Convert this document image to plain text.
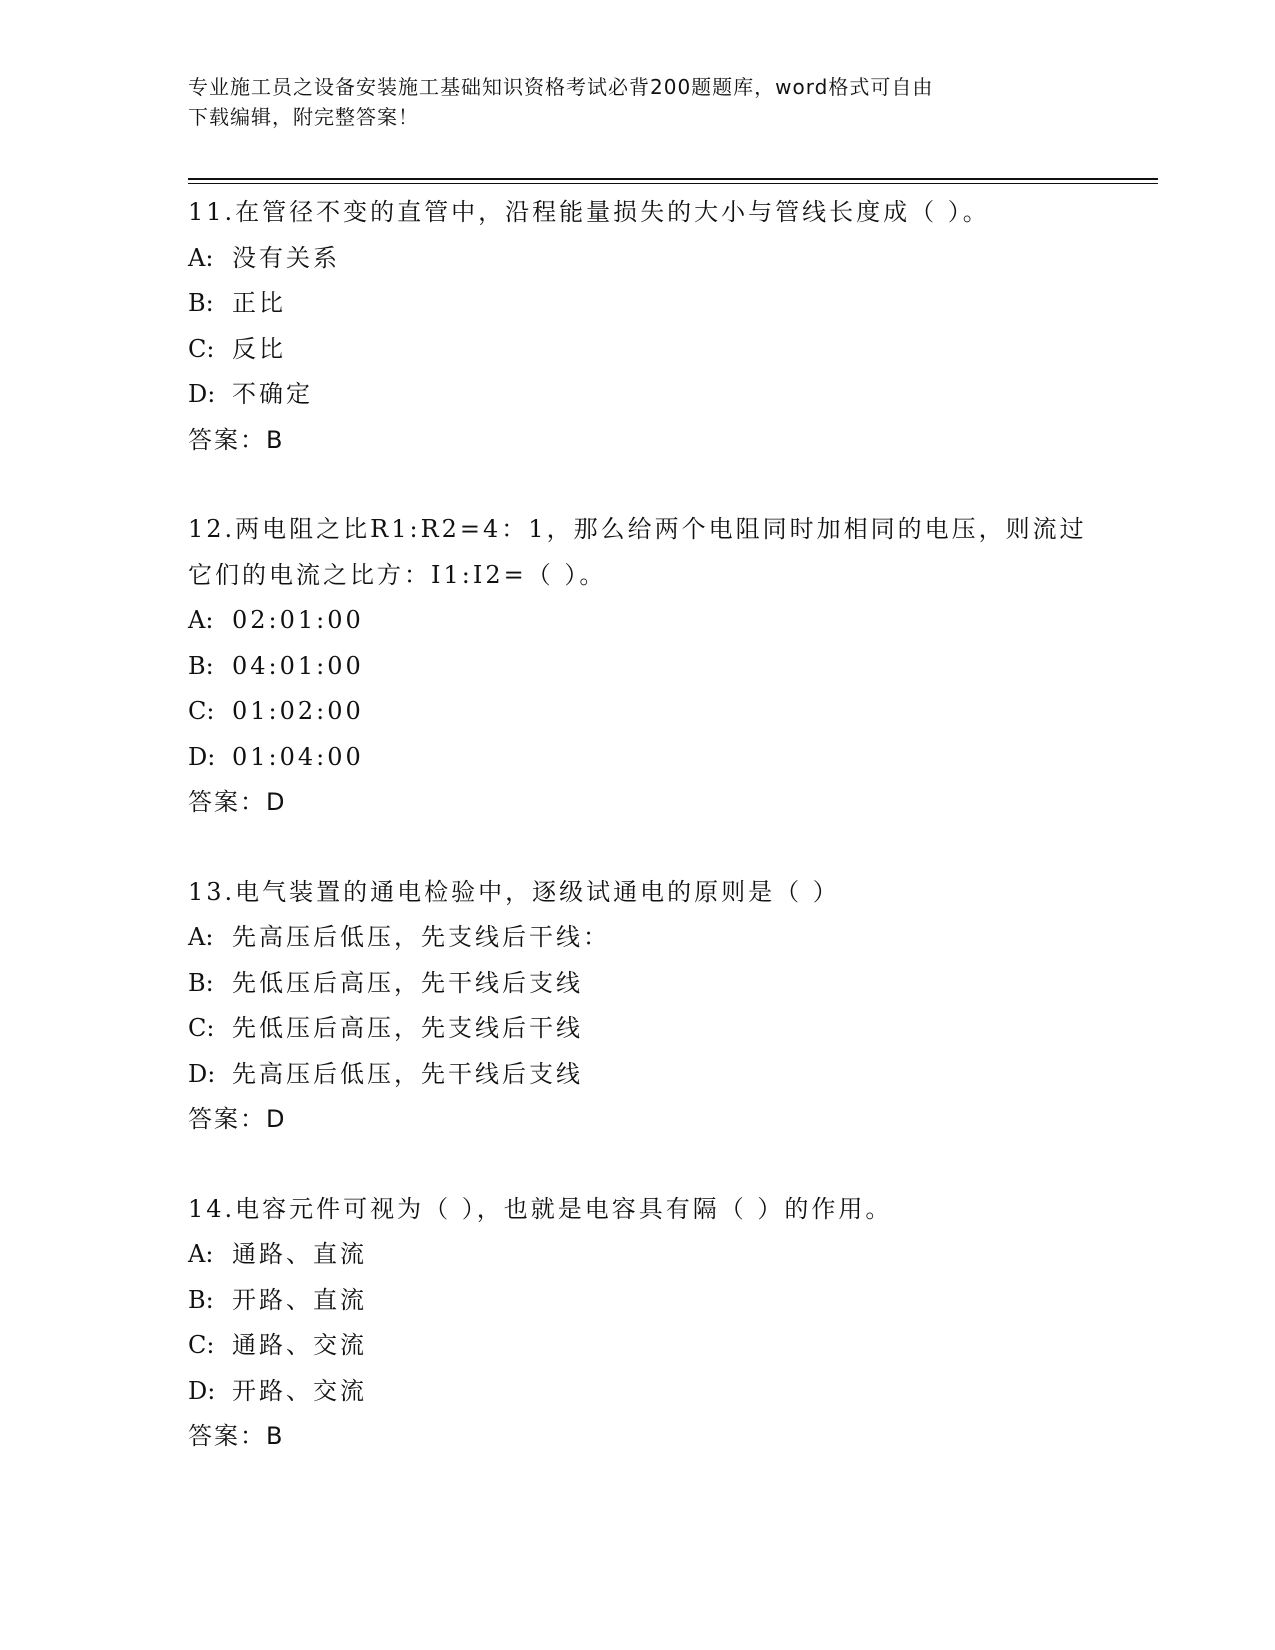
专业施工员之设备安装施工基础知识资格考试必背200题题库，word格式可自由
下载编辑，附完整答案！

11.在管径不变的直管中，沿程能量损失的大小与管线长度成（ ）。

A: 没有关系
B: 正比
C: 反比
D: 不确定
答案：B

12.两电阻之比R1:R2=4：1，那么给两个电阻同时加相同的电压，则流过它们的电流之比方：I1:I2=（ ）。

A: 02:01:00
B: 04:01:00
C: 01:02:00
D: 01:04:00
答案：D

13.电气装置的通电检验中，逐级试通电的原则是（ ）

A: 先高压后低压，先支线后干线：
B: 先低压后高压，先干线后支线
C: 先低压后高压，先支线后干线
D: 先高压后低压，先干线后支线
答案：D

14.电容元件可视为（ ），也就是电容具有隔（ ）的作用。

A: 通路、直流
B: 开路、直流
C: 通路、交流
D: 开路、交流
答案：B
